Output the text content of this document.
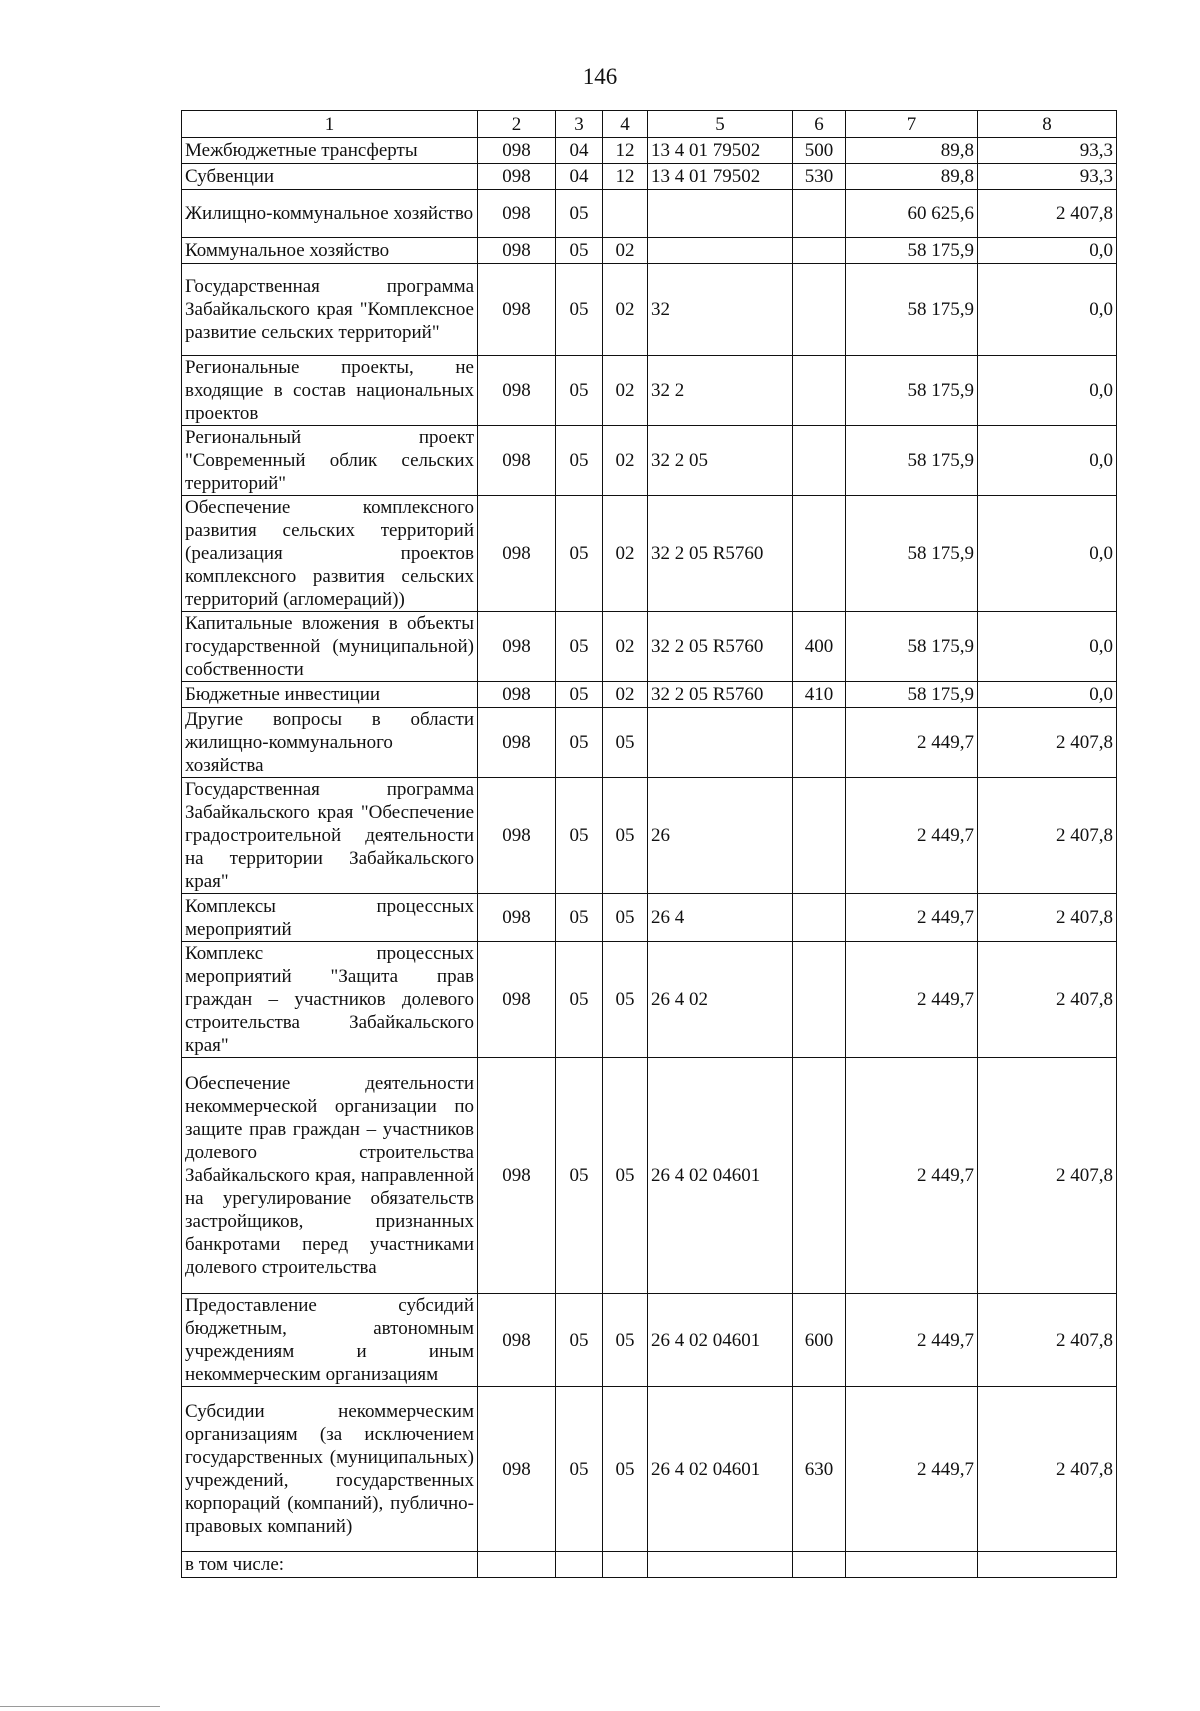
146
1	2	3	4	5	6	7	8
Межбюджетные трансферты	098	04	12	13 4 01 79502	500	89,8	93,3
Субвенции	098	04	12	13 4 01 79502	530	89,8	93,3
Жилищно-коммунальное хозяйство	098	05				60 625,6	2 407,8
Коммунальное хозяйство	098	05	02			58 175,9	0,0
Государственная программа Забайкальского края "Комплексное развитие сельских территорий"	098	05	02	32		58 175,9	0,0
Региональные проекты, не входящие в состав национальных проектов	098	05	02	32 2		58 175,9	0,0
Региональный проект "Современный облик сельских территорий"	098	05	02	32 2 05		58 175,9	0,0
Обеспечение комплексного развития сельских территорий (реализация проектов комплексного развития сельских территорий (агломераций))	098	05	02	32 2 05 R5760		58 175,9	0,0
Капитальные вложения в объекты государственной (муниципальной) собственности	098	05	02	32 2 05 R5760	400	58 175,9	0,0
Бюджетные инвестиции	098	05	02	32 2 05 R5760	410	58 175,9	0,0
Другие вопросы в области жилищно-коммунального хозяйства	098	05	05			2 449,7	2 407,8
Государственная программа Забайкальского края "Обеспечение градостроительной деятельности на территории Забайкальского края"	098	05	05	26		2 449,7	2 407,8
Комплексы процессных мероприятий	098	05	05	26 4		2 449,7	2 407,8
Комплекс процессных мероприятий "Защита прав граждан – участников долевого строительства Забайкальского края"	098	05	05	26 4 02		2 449,7	2 407,8
Обеспечение деятельности некоммерческой организации по защите прав граждан – участников долевого строительства Забайкальского края, направленной на урегулирование обязательств застройщиков, признанных банкротами перед участниками долевого строительства	098	05	05	26 4 02 04601		2 449,7	2 407,8
Предоставление субсидий бюджетным, автономным учреждениям и иным некоммерческим организациям	098	05	05	26 4 02 04601	600	2 449,7	2 407,8
Субсидии некоммерческим организациям (за исключением государственных (муниципальных) учреждений, государственных корпораций (компаний), публично-правовых компаний)	098	05	05	26 4 02 04601	630	2 449,7	2 407,8
в том числе:							
